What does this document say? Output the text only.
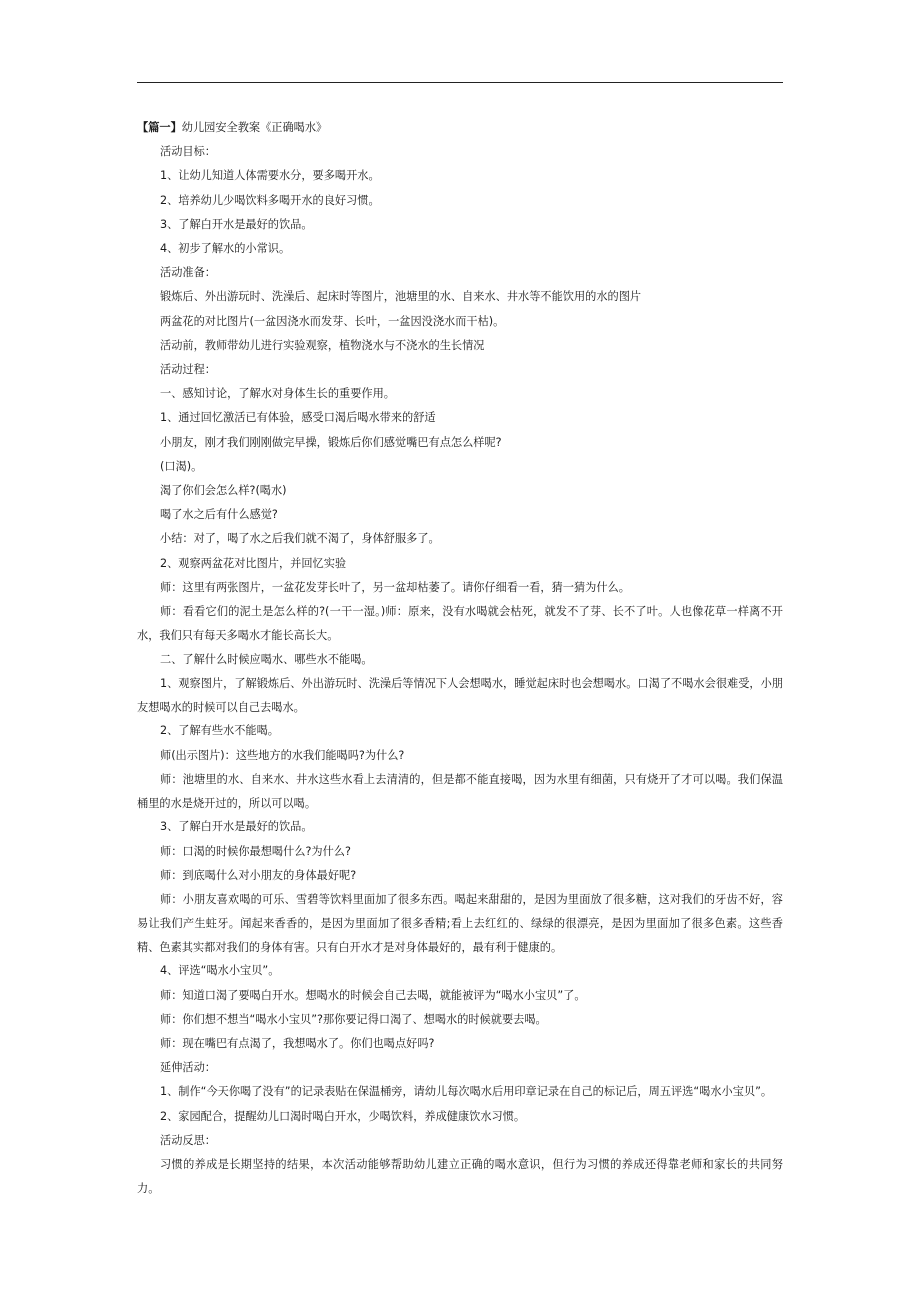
【篇一】幼儿园安全教案《正确喝水》

活动目标：

1、让幼儿知道人体需要水分，要多喝开水。

2、培养幼儿少喝饮料多喝开水的良好习惯。

3、了解白开水是最好的饮品。

4、初步了解水的小常识。

活动准备：

锻炼后、外出游玩时、洗澡后、起床时等图片，池塘里的水、自来水、井水等不能饮用的水的图片

两盆花的对比图片(一盆因浇水而发芽、长叶，一盆因没浇水而干枯)。

活动前，教师带幼儿进行实验观察，植物浇水与不浇水的生长情况

活动过程：

一、感知讨论，了解水对身体生长的重要作用。

1、通过回忆激活已有体验，感受口渴后喝水带来的舒适

小朋友，刚才我们刚刚做完早操，锻炼后你们感觉嘴巴有点怎么样呢?

(口渴)。

渴了你们会怎么样?(喝水)

喝了水之后有什么感觉?

小结：对了，喝了水之后我们就不渴了，身体舒服多了。

2、观察两盆花对比图片，并回忆实验

师：这里有两张图片，一盆花发芽长叶了，另一盆却枯萎了。请你仔细看一看，猜一猜为什么。

师：看看它们的泥土是怎么样的?(一干一湿。)师：原来，没有水喝就会枯死，就发不了芽、长不了叶。人也像花草一样离不开水，我们只有每天多喝水才能长高长大。

二、了解什么时候应喝水、哪些水不能喝。

1、观察图片，了解锻炼后、外出游玩时、洗澡后等情况下人会想喝水，睡觉起床时也会想喝水。口渴了不喝水会很难受，小朋友想喝水的时候可以自己去喝水。

2、了解有些水不能喝。

师(出示图片)：这些地方的水我们能喝吗?为什么?

师：池塘里的水、自来水、井水这些水看上去清清的，但是都不能直接喝，因为水里有细菌，只有烧开了才可以喝。我们保温桶里的水是烧开过的，所以可以喝。

3、了解白开水是最好的饮品。

师：口渴的时候你最想喝什么?为什么?

师：到底喝什么对小朋友的身体最好呢?

师：小朋友喜欢喝的可乐、雪碧等饮料里面加了很多东西。喝起来甜甜的，是因为里面放了很多糖，这对我们的牙齿不好，容易让我们产生蛀牙。闻起来香香的，是因为里面加了很多香精;看上去红红的、绿绿的很漂亮，是因为里面加了很多色素。这些香精、色素其实都对我们的身体有害。只有白开水才是对身体最好的，最有利于健康的。

4、评选“喝水小宝贝”。

师：知道口渴了要喝白开水。想喝水的时候会自己去喝，就能被评为“喝水小宝贝”了。

师：你们想不想当“喝水小宝贝”?那你要记得口渴了、想喝水的时候就要去喝。

师：现在嘴巴有点渴了，我想喝水了。你们也喝点好吗?

延伸活动：

1、制作“今天你喝了没有”的记录表贴在保温桶旁，请幼儿每次喝水后用印章记录在自己的标记后，周五评选“喝水小宝贝”。

2、家园配合，提醒幼儿口渴时喝白开水，少喝饮料，养成健康饮水习惯。

活动反思：

习惯的养成是长期坚持的结果，本次活动能够帮助幼儿建立正确的喝水意识，但行为习惯的养成还得靠老师和家长的共同努力。
